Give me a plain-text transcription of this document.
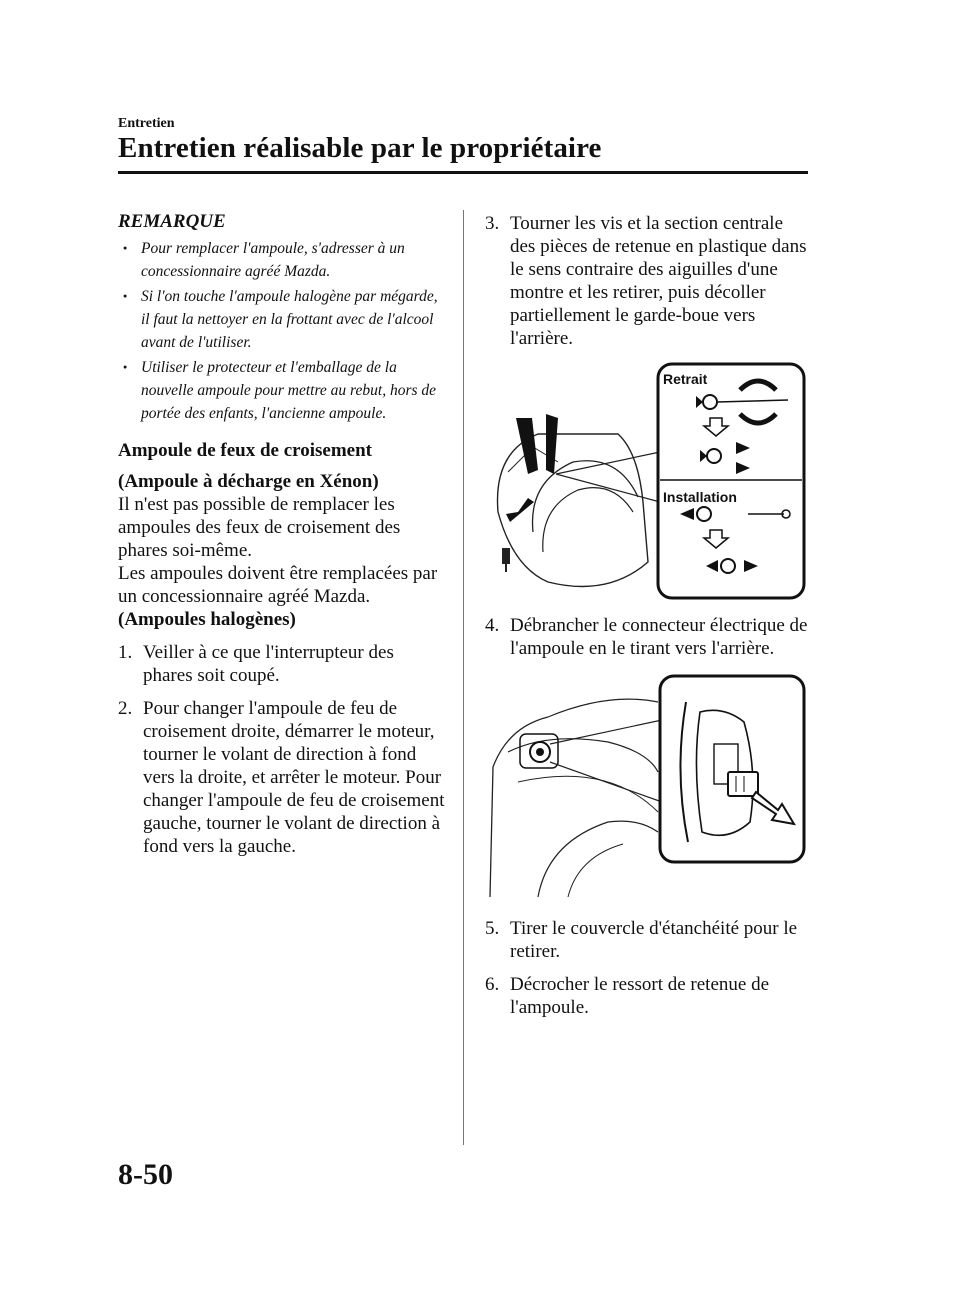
Entretien
Entretien réalisable par le propriétaire

REMARQUE

● Pour remplacer l'ampoule, s'adresser à un concessionnaire agréé Mazda.
● Si l'on touche l'ampoule halogène par mégarde, il faut la nettoyer en la frottant avec de l'alcool avant de l'utiliser.
● Utiliser le protecteur et l'emballage de la nouvelle ampoule pour mettre au rebut, hors de portée des enfants, l'ancienne ampoule.

Ampoule de feux de croisement

(Ampoule à décharge en Xénon)

Il n'est pas possible de remplacer les ampoules des feux de croisement des phares soi-même.

Les ampoules doivent être remplacées par un concessionnaire agréé Mazda.

(Ampoules halogènes)

1. Veiller à ce que l'interrupteur des phares soit coupé.
2. Pour changer l'ampoule de feu de croisement droite, démarrer le moteur, tourner le volant de direction à fond vers la droite, et arrêter le moteur. Pour changer l'ampoule de feu de croisement gauche, tourner le volant de direction à fond vers la gauche.
3. Tourner les vis et la section centrale des pièces de retenue en plastique dans le sens contraire des aiguilles d'une montre et les retirer, puis décoller partiellement le garde-boue vers l'arrière.
Retrait
Installation
4. Débrancher le connecteur électrique de l'ampoule en le tirant vers l'arrière.
5. Tirer le couvercle d'étanchéité pour le retirer.
6. Décrocher le ressort de retenue de l'ampoule.
8-50
